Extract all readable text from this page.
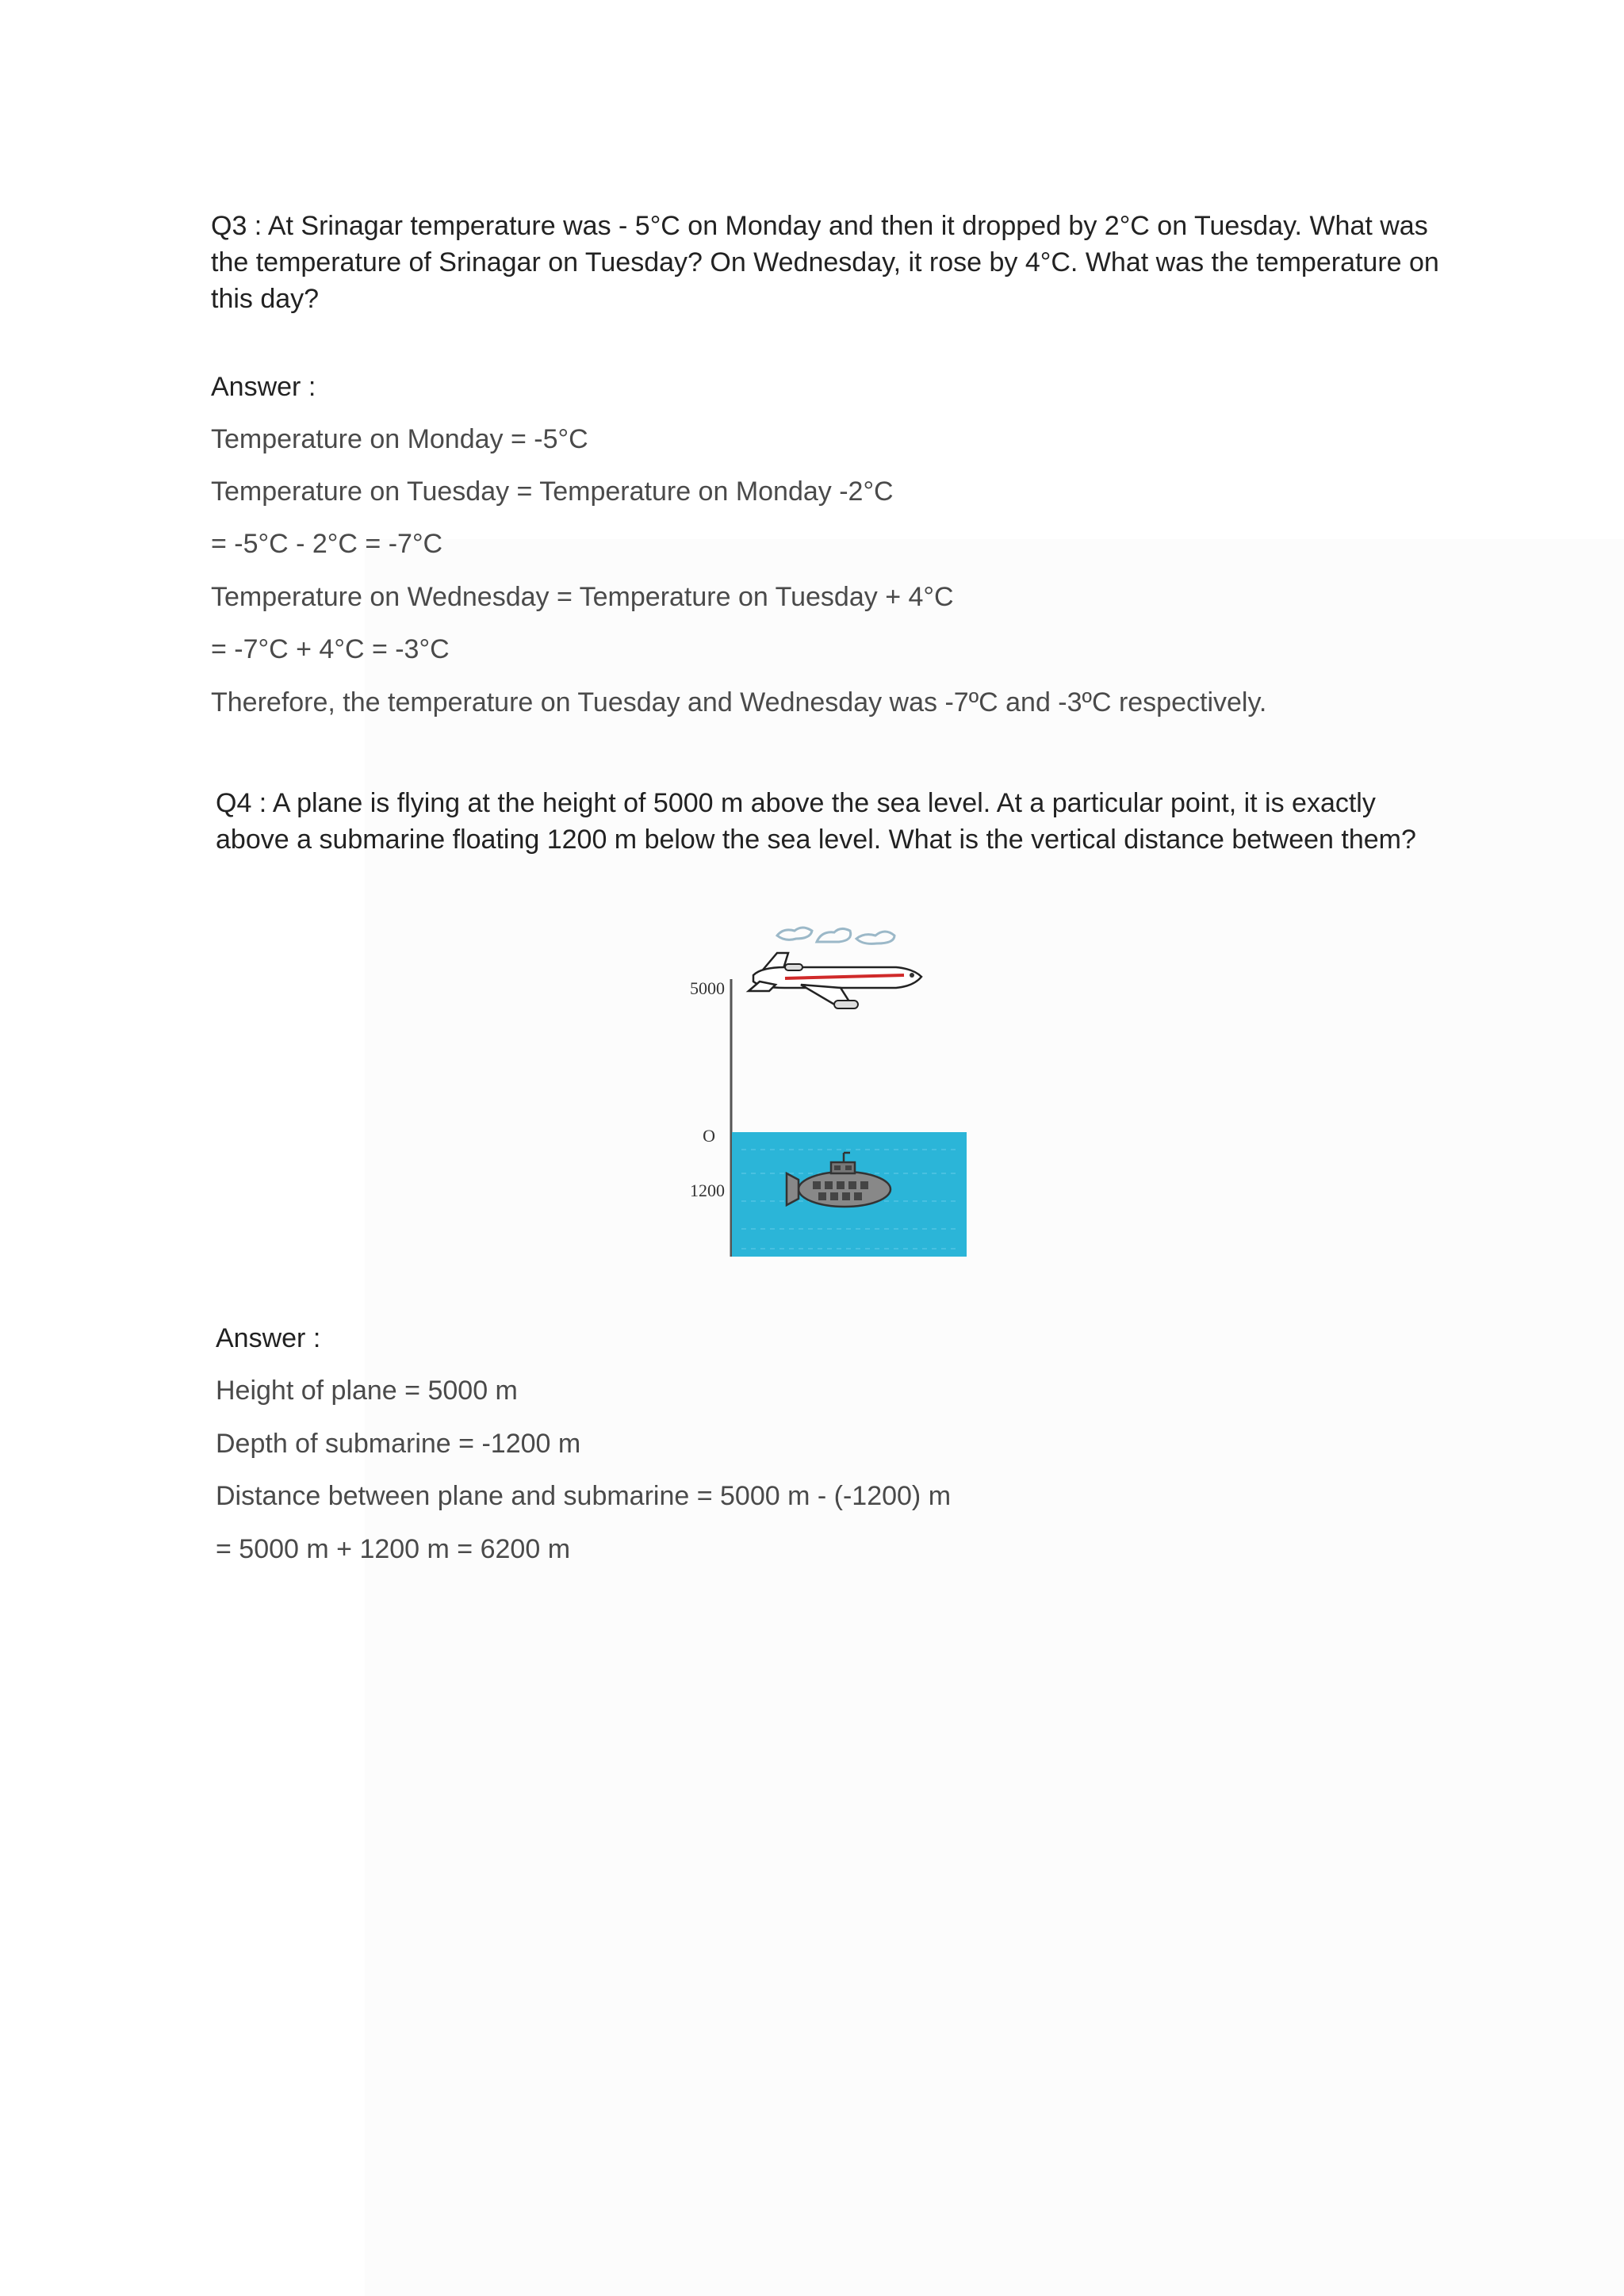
Q3 : At Srinagar temperature was - 5°C on Monday and then it dropped by 2°C on Tuesday. What was the temperature of Srinagar on Tuesday? On Wednesday, it rose by 4°C. What was the temperature on this day?

Answer :
Temperature on Monday = -5°C
Temperature on Tuesday = Temperature on Monday -2°C
= -5°C - 2°C = -7°C
Temperature on Wednesday = Temperature on Tuesday + 4°C
= -7°C + 4°C = -3°C
Therefore, the temperature on Tuesday and Wednesday was -7ºC and -3ºC respectively.

Q4 : A plane is flying at the height of 5000 m above the sea level. At a particular point, it is exactly above a submarine floating 1200 m below the sea level. What is the vertical distance between them?

5000
O
1200
Answer :
Height of plane = 5000 m
Depth of submarine = -1200 m
Distance between plane and submarine = 5000 m - (-1200) m
= 5000 m + 1200 m = 6200 m
